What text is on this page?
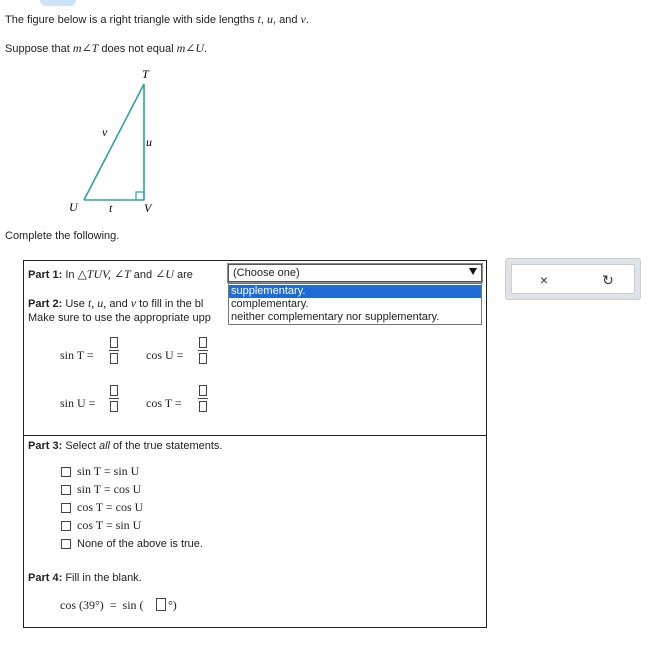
The figure below is a right triangle with side lengths t, u, and v.
Suppose that m∠T does not equal m∠U.
T
U	V
t
u
v
Complete the following.
Part 1: In △TUV, ∠T and ∠U are
Part 2: Use t, u, and v to fill in the bl
Make sure to use the appropriate upp
(Choose one)
supplementary.
complementary.
neither complementary nor supplementary.
sin T =	cos U =
sin U =	cos T =
Part 3: Select all of the true statements.
sin T = sin U
sin T = cos U
cos T = cos U
cos T = sin U
None of the above is true.
Part 4: Fill in the blank.
cos (39°)  =  sin ( °)
×	↻
